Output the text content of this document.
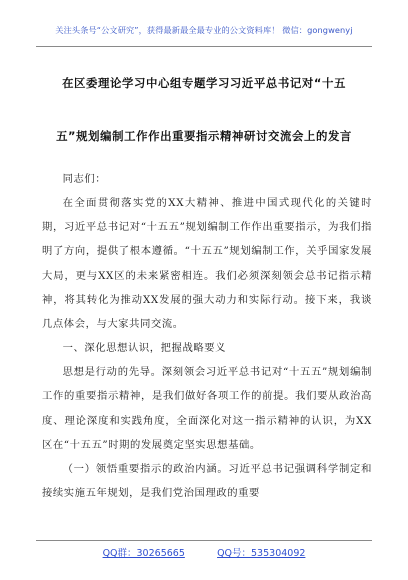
关注头条号“公文研究”，获得最新最全最专业的公文资料库！ 微信：gongwenyj
在区委理论学习中心组专题学习习近平总书记对“十五
五”规划编制工作作出重要指示精神研讨交流会上的发言

同志们：

在全面贯彻落实党的XX大精神、推进中国式现代化的关键时期，习近平总书记对“十五五”规划编制工作作出重要指示，为我们指明了方向，提供了根本遵循。“十五五”规划编制工作，关乎国家发展大局，更与XX区的未来紧密相连。我们必须深刻领会总书记指示精神，将其转化为推动XX发展的强大动力和实际行动。接下来，我谈几点体会，与大家共同交流。

一、深化思想认识，把握战略要义

思想是行动的先导。深刻领会习近平总书记对“十五五”规划编制工作的重要指示精神，是我们做好各项工作的前提。我们要从政治高度、理论深度和实践角度，全面深化对这一指示精神的认识，为XX区在“十五五”时期的发展奠定坚实思想基础。

（一）领悟重要指示的政治内涵。习近平总书记强调科学制定和接续实施五年规划，是我们党治国理政的重要

QQ群：30265665	QQ号：535304092
